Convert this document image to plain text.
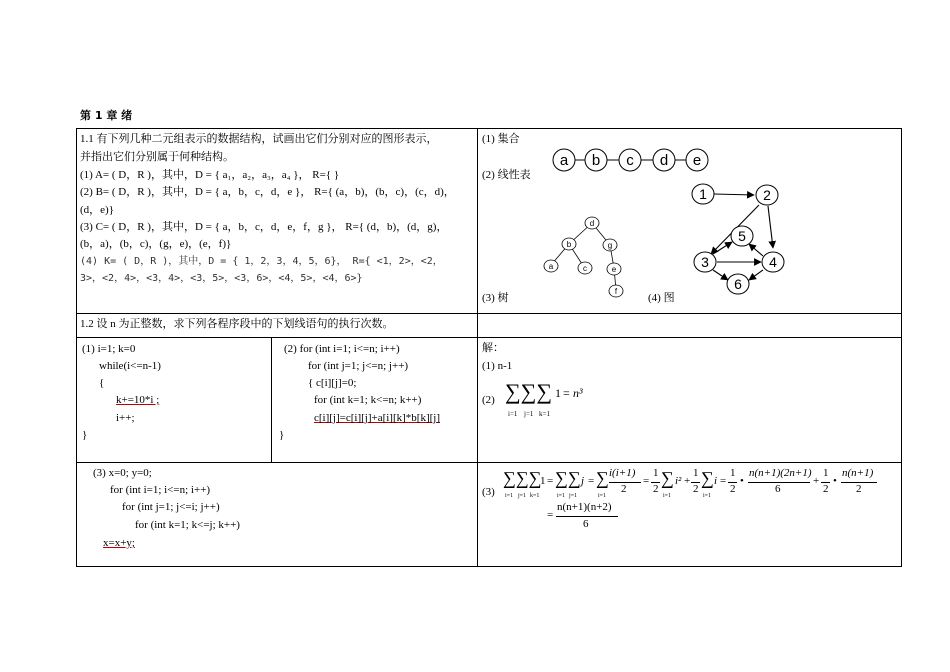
第 1 章 绪
1.1 有下列几种二元组表示的数据结构，试画出它们分别对应的图形表示，
并指出它们分别属于何种结构。
(1) A= ( D，R )，其中，D = { a₁，a₂，a₃，a₄ }， R={ }
(2) B= ( D，R )，其中，D = { a，b，c，d，e }， R={ (a，b)，(b，c)，(c，d)，
(d，e)}
(3) C= ( D，R )，其中，D = { a，b，c，d，e，f，g }， R={ (d，b)，(d，g)，
(b，a)，(b，c)，(g，e)，(e，f)}
(4) K= ( D，R )，其中，D = { 1，2，3，4，5，6}， R={ <1，2>，<2，
3>，<2，4>，<3，4>，<3，5>，<3，6>，<4，5>，<4，6>}
(1) 集合
(2) 线性表
(3) 树	(4) 图
a b c d e
d
b	g
a	c	e
f
1	2
5
3	4
6
1.2 设 n 为正整数，求下列各程序段中的下划线语句的执行次数。
(1) i=1; k=0
while(i<=n-1)
{
k+=10*i ;
i++;
}
(2) for (int i=1; i<=n; i++)
for (int j=1; j<=n; j++)
{ c[i][j]=0;
for (int k=1; k<=n; k++)
c[i][j]=c[i][j]+a[i][k]*b[k][j]
}
(3) x=0; y=0;
for (int i=1; i<=n; i++)
for (int j=1; j<=i; j++)
for (int k=1; k<=j; k++)
x=x+y;
解：
(1) n-1
(2) ∑∑∑ 1 = n³
i=1 j=1 k=1
(3)
∑∑∑
1 =
i=1 j=1 k=1
∑∑ j =
i=1 j=1
∑
i=1
i(i+1)
2
=
1
2
∑
i=1
i² +
1
2
∑
i=1
i =
1
2
•
n(n+1)(2n+1)
6
+
1
2
•
n(n+1)
2
=
n(n+1)(n+2)
6
